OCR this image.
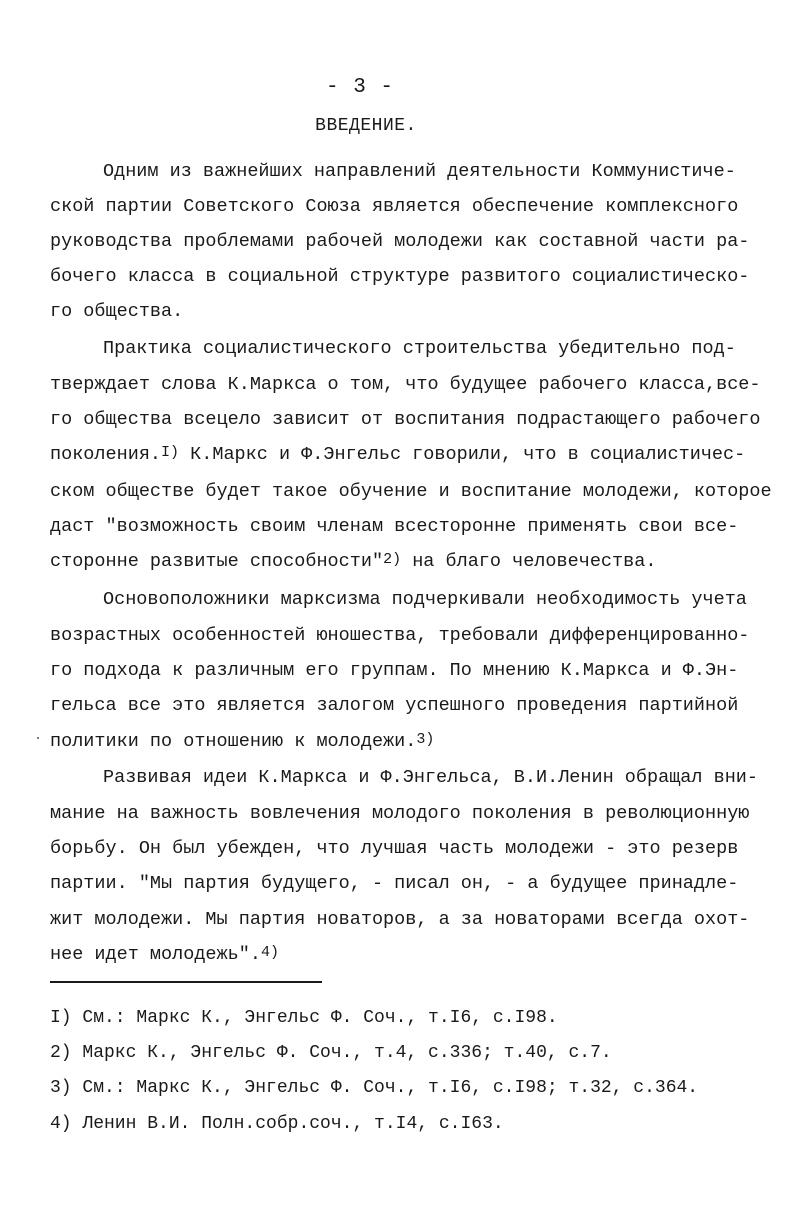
- 3 -
ВВЕДЕНИЕ.
Одним из важнейших направлений деятельности Коммунистиче-
ской партии Советского Союза является обеспечение комплексного
руководства проблемами рабочей молодежи как составной части ра-
бочего класса в социальной структуре развитого социалистическо-
го общества.
Практика социалистического строительства убедительно под-
тверждает слова К.Маркса о том, что будущее рабочего класса,все-
го общества всецело зависит от воспитания подрастающего рабочего
поколения.$^{I)}$ К.Маркс и Ф.Энгельс говорили, что в социалистичес-
ском обществе будет такое обучение и воспитание молодежи, которое
даст "возможность своим членам всесторонне применять свои все-
сторонне развитые способности"$^{2)}$ на благо человечества.
Основоположники марксизма подчеркивали необходимость учета
возрастных особенностей юношества, требовали дифференцированно-
го подхода к различным его группам. По мнению К.Маркса и Ф.Эн-
гельса все это является залогом успешного проведения партийной
политики по отношению к молодежи.$^{3)}$
Развивая идеи К.Маркса и Ф.Энгельса, В.И.Ленин обращал вни-
мание на важность вовлечения молодого поколения в революционную
борьбу. Он был убежден, что лучшая часть молодежи - это резерв
партии. "Мы партия будущего, - писал он, - а будущее принадле-
жит молодежи. Мы партия новаторов, а за новаторами всегда охот-
нее идет молодежь".$^{4)}$
I) См.: Маркс К., Энгельс Ф. Соч., т.I6, с.I98.
2) Маркс К., Энгельс Ф. Соч., т.4, с.336; т.40, с.7.
3) См.: Маркс К., Энгельс Ф. Соч., т.I6, с.I98; т.32, с.364.
4) Ленин В.И. Полн.собр.соч., т.I4, с.I63.
